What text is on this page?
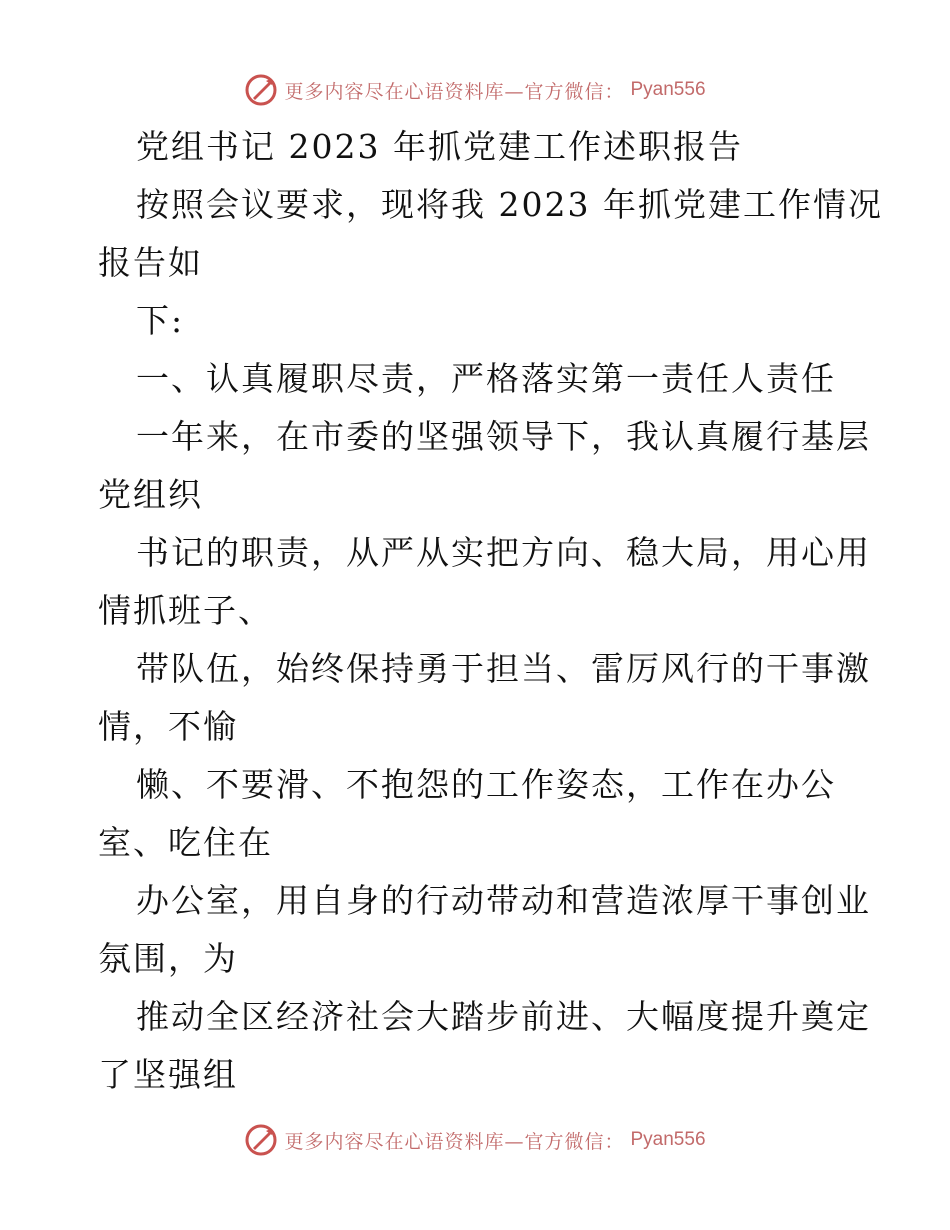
更多内容尽在心语资料库—官方微信： Pyan556
党组书记 2023 年抓党建工作述职报告
按照会议要求，现将我 2023 年抓党建工作情况
报告如
下:
一、认真履职尽责，严格落实第一责任人责任
一年来，在市委的坚强领导下，我认真履行基层
党组织
书记的职责，从严从实把方向、稳大局，用心用
情抓班子、
带队伍，始终保持勇于担当、雷厉风行的干事激
情，不愉
懒、不要滑、不抱怨的工作姿态，工作在办公
室、吃住在
办公室，用自身的行动带动和营造浓厚干事创业
氛围，为
推动全区经济社会大踏步前进、大幅度提升奠定
了坚强组
更多内容尽在心语资料库—官方微信： Pyan556
